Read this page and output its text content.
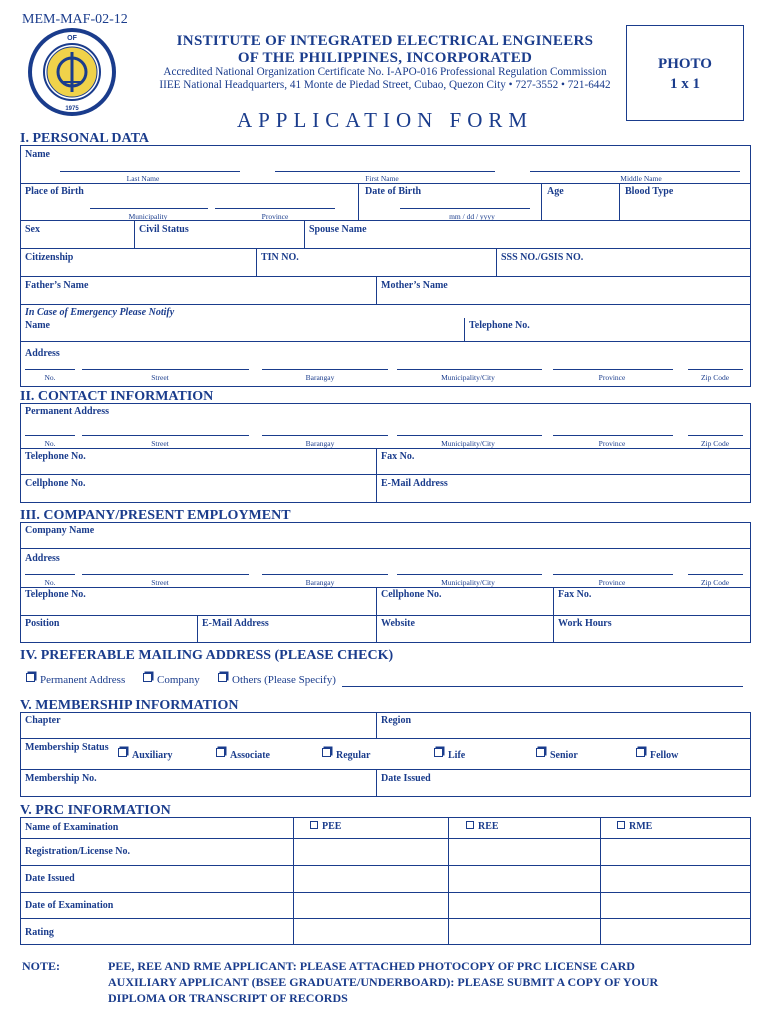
MEM-MAF-02-12
OF
1975
INSTITUTE OF INTEGRATED ELECTRICAL ENGINEERS
OF THE PHILIPPINES, INCORPORATED
Accredited National Organization Certificate No. I-APO-016 Professional Regulation Commission
IIEE National Headquarters, 41 Monte de Piedad Street, Cubao, Quezon City • 727-3552 • 721-6442
PHOTO
1 x 1
APPLICATION FORM
I. PERSONAL DATA
Name
Last Name	First Name	Middle Name
Place of Birth	Date of Birth	Age	Blood Type
Municipality	Province	mm / dd / yyyy
Sex	Civil Status	Spouse Name
Citizenship	TIN NO.	SSS NO./GSIS NO.
Father’s Name	Mother’s Name
In Case of Emergency Please Notify
Name	Telephone No.
Address
No.	Street	Barangay	Municipality/City	Province	Zip Code
II. CONTACT INFORMATION
Permanent Address
No.	Street	Barangay	Municipality/City	Province	Zip Code
Telephone No.	Fax No.
Cellphone No.	E-Mail Address
III. COMPANY/PRESENT EMPLOYMENT
Company Name
Address
No.	Street	Barangay	Municipality/City	Province	Zip Code
Telephone No.	Cellphone No.	Fax No.
Position	E-Mail Address	Website	Work Hours
IV. PREFERABLE MAILING ADDRESS (PLEASE CHECK)
Permanent Address	Company	Others (Please Specify)
V. MEMBERSHIP INFORMATION
Chapter	Region
Membership Status
Auxiliary	Associate	Regular	Life	Senior	Fellow
Membership No.	Date Issued
V. PRC INFORMATION
Name of Examination	PEE	REE	RME
Registration/License No.
Date Issued
Date of Examination
Rating
NOTE:	PEE, REE AND RME APPLICANT: PLEASE ATTACHED PHOTOCOPY OF PRC LICENSE CARD
AUXILIARY APPLICANT (BSEE GRADUATE/UNDERBOARD): PLEASE SUBMIT A COPY OF YOUR
DIPLOMA OR TRANSCRIPT OF RECORDS
